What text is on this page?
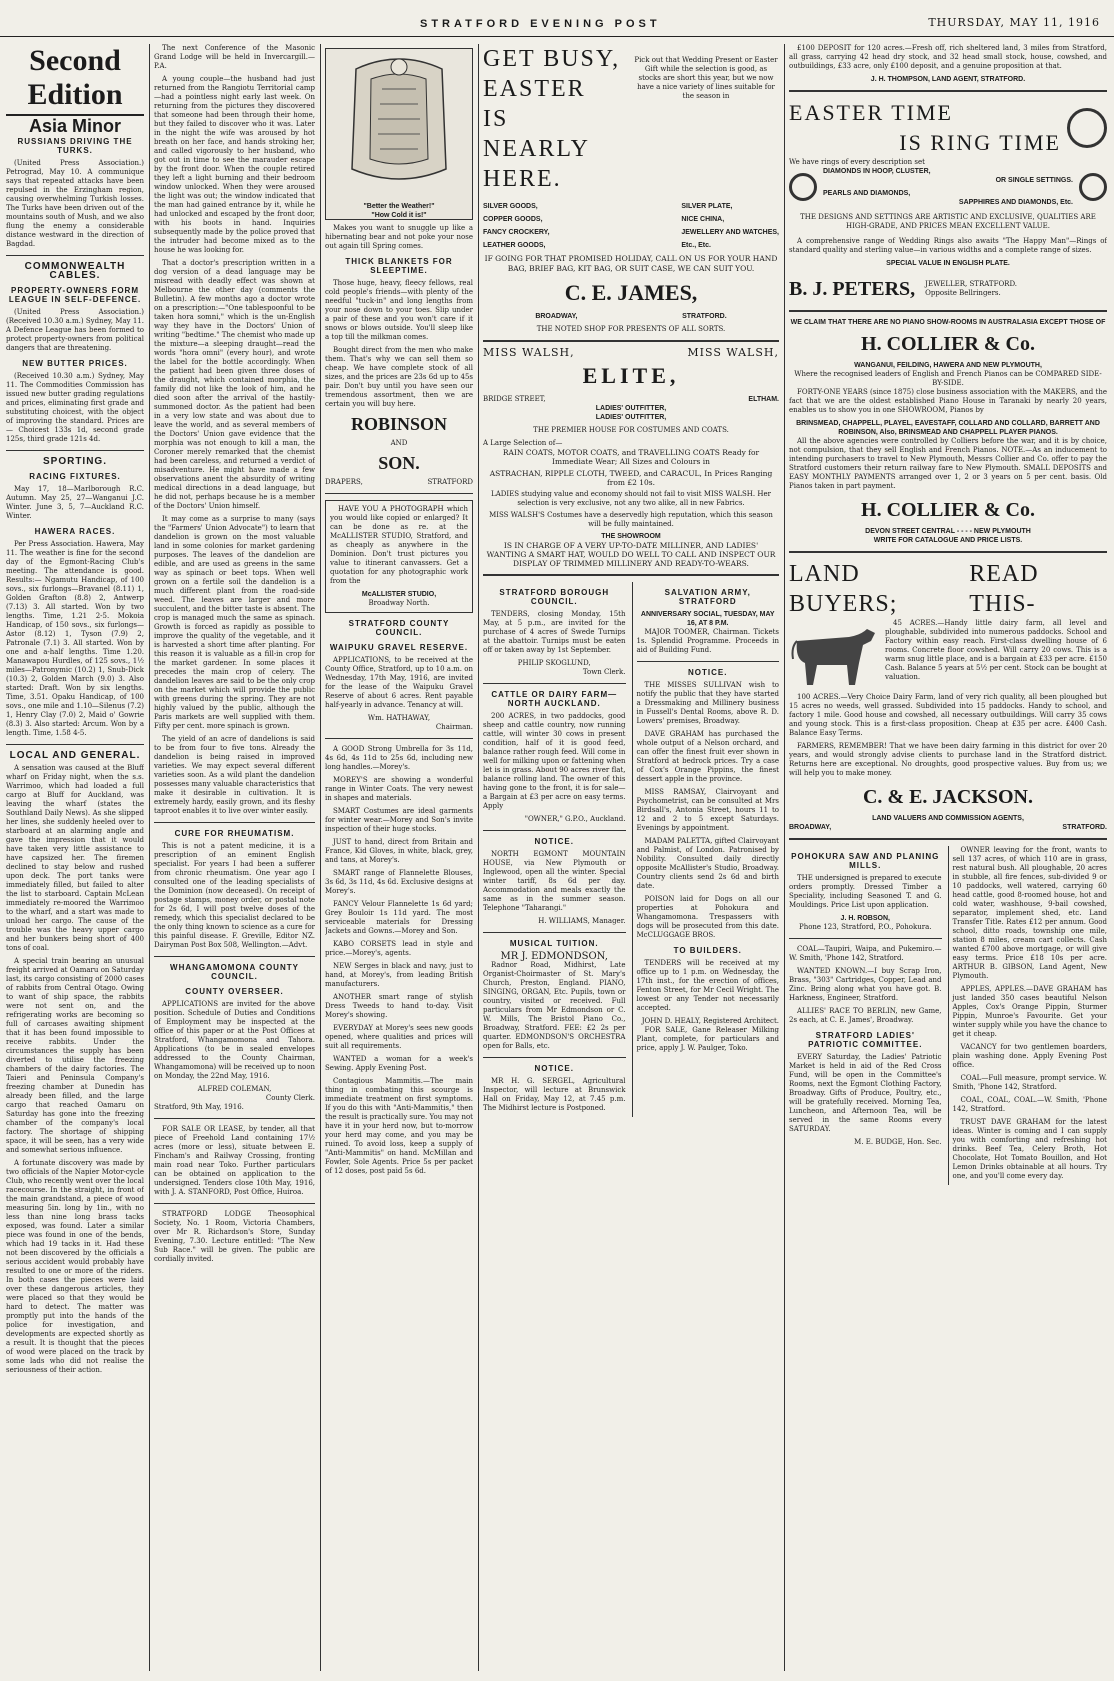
STRATFORD EVENING POST	THURSDAY, MAY 11, 1916
Second Edition
Asia Minor
RUSSIANS DRIVING THE TURKS.

(United Press Association.) Petrograd, May 10. A communique says that repeated attacks have been repulsed in the Erzingham region, causing overwhelming Turkish losses. The Turks have been driven out of the mountains south of Mush, and we also flung the enemy a considerable distance westward in the direction of Bagdad.

COMMONWEALTH CABLES.
PROPERTY-OWNERS FORM LEAGUE IN SELF-DEFENCE.

(United Press Association.) (Received 10.30 a.m.) Sydney, May 11. A Defence League has been formed to protect property-owners from political dangers that are threatening.

NEW BUTTER PRICES.

(Received 10.30 a.m.) Sydney, May 11. The Commodities Commission has issued new butter grading regulations and prices, eliminating first grade and substituting choicest, with the object of improving the standard. Prices are — Choicest 133s 1d, second grade 125s, third grade 121s 4d.

SPORTING.
RACING FIXTURES.

May 17, 18—Marlborough R.C. Autumn. May 25, 27—Wanganui J.C. Winter. June 3, 5, 7—Auckland R.C. Winter.

HAWERA RACES.

Per Press Association. Hawera, May 11. The weather is fine for the second day of the Egmont-Racing Club's meeting. The attendance is good. Results:— Ngamutu Handicap, of 100 sovs., six furlongs—Bravanel (8.11) 1, Golden Grafton (8.8) 2, Antwerp (7.13) 3. All started. Won by two lengths. Time, 1.21 2-5. Mokoia Handicap, of 150 sovs., six furlongs—Astor (8.12) 1, Tyson (7.9) 2, Patronale (7.1) 3. All started. Won by one and a-half lengths. Time 1.20. Manawapou Hurdles, of 125 sovs., 1½ miles—Patronymic (10.2) 1, Snub-Dick (10.3) 2, Golden March (9.0) 3. Also started: Draft. Won by six lengths. Time, 3.51. Opaku Handicap, of 100 sovs., one mile and 1.10—Silenus (7.2) 1, Henry Clay (7.0) 2, Maid o' Gowrie (8.3) 3. Also started: Arcum. Won by a length. Time, 1.58 4-5.

LOCAL AND GENERAL.

A sensation was caused at the Bluff wharf on Friday night, when the s.s. Warrimoo, which had loaded a full cargo at Bluff for Auckland, was leaving the wharf (states the Southland Daily News). As she slipped her lines, she suddenly heeled over to starboard at an alarming angle and gave the impression that it would have taken very little assistance to have capsized her. The firemen declined to stay below and rushed upon deck. The port tanks were immediately filled, but failed to alter the list to starboard. Captain McLean immediately re-moored the Warrimoo to the wharf, and a start was made to unload her cargo. The cause of the trouble was the heavy upper cargo and her bunkers being short of 400 tons of coal.

A special train bearing an unusual freight arrived at Oamaru on Saturday last, its cargo consisting of 2000 cases of rabbits from Central Otago. Owing to want of ship space, the rabbits were not sent on, and the refrigerating works are becoming so full of carcases awaiting shipment that it has been found impossible to receive rabbits. Under the circumstances the supply has been diverted to utilise the freezing chambers of the dairy factories. The Taieri and Peninsula Company's freezing chamber at Dunedin has already been filled, and the large cargo that reached Oamaru on Saturday has gone into the freezing chamber of the company's local factory. The shortage of shipping space, it will be seen, has a very wide and somewhat serious influence.

A fortunate discovery was made by two officials of the Napier Motor-cycle Club, who recently went over the local racecourse. In the straight, in front of the main grandstand, a piece of wood measuring 5in. long by 1in., with no less than nine long brass tacks exposed, was found. Later a similar piece was found in one of the bends, which had 19 tacks in it. Had these not been discovered by the officials a serious accident would probably have resulted to one or more of the riders. In both cases the pieces were laid over these dangerous articles, they were placed so that they would be hard to detect. The matter was promptly put into the hands of the police for investigation, and developments are expected shortly as a result. It is thought that the pieces of wood were placed on the track by some lads who did not realise the seriousness of their action.

The next Conference of the Masonic Grand Lodge will be held in Invercargill.—P.A.

A young couple—the husband had just returned from the Rangiotu Territorial camp—had a pointless night early last week. On returning from the pictures they discovered that someone had been through their home, but they failed to discover who it was. Later in the night the wife was aroused by hot breath on her face, and hands stroking her, and called vigorously to her husband, who got out in time to see the marauder escape by the front door. When the couple retired they left a light burning and their bedroom window unlocked. When they were aroused the light was out; the window indicated that the man had gained entrance by it, while he had unlocked and escaped by the front door, with his boots in hand. Inquiries subsequently made by the police proved that the intruder had become mixed as to the house he was looking for.

That a doctor's prescription written in a dog version of a dead language may be misread with deadly effect was shown at Melbourne the other day (comments the Bulletin). A few months ago a doctor wrote on a prescription:—"One tablespoonful to be taken hora somni," which is the un-English way they have in the Doctors' Union of writing "bedtime." The chemist who made up the mixture—a sleeping draught—read the words "hora omni" (every hour), and wrote the label for the bottle accordingly. When the patient had been given three doses of the draught, which contained morphia, the family did not like the look of him, and he died soon after the arrival of the hastily-summoned doctor. As the patient had been in a very low state and was about due to leave the world, and as several members of the Doctors' Union gave evidence that the morphia was not enough to kill a man, the Coroner merely remarked that the chemist had been careless, and returned a verdict of misadventure. He might have made a few observations anent the absurdity of writing medical directions in a dead language, but he did not, perhaps because he is a member of the Doctors' Union himself.

It may come as a surprise to many (says the "Farmers' Union Advocate") to learn that dandelion is grown on the most valuable land in some colonies for market gardening purposes. The leaves of the dandelion are edible, and are used as greens in the same way as spinach or beet tops. When well grown on a fertile soil the dandelion is a much different plant from the road-side weed. The leaves are larger and more succulent, and the bitter taste is absent. The crop is managed much the same as spinach. Growth is forced as rapidly as possible to improve the quality of the vegetable, and it is harvested a short time after planting. For this reason it is valuable as a fill-in crop for the market gardener. In some places it precedes the main crop of celery. The dandelion leaves are said to be the only crop on the market which will provide the public with greens during the spring. They are not highly valued by the public, although the Paris markets are well supplied with them. Fifty per cent. more spinach is grown.

The yield of an acre of dandelions is said to be from four to five tons. Already the dandelion is being raised in improved varieties. We may expect several different varieties soon. As a wild plant the dandelion possesses many valuable characteristics that make it desirable in cultivation. It is extremely hardy, easily grown, and its fleshy taproot enables it to live over winter easily.

CURE FOR RHEUMATISM.

This is not a patent medicine, it is a prescription of an eminent English specialist. For years I had been a sufferer from chronic rheumatism. One year ago I consulted one of the leading specialists of the Dominion (now deceased). On receipt of postage stamps, money order, or postal note for 2s 6d, I will post twelve doses of the remedy, which this specialist declared to be the only thing known to science as a cure for this painful disease. F. Greville, Editor NZ. Dairyman Post Box 508, Wellington.—Advt.

WHANGAMOMONA COUNTY COUNCIL.
COUNTY OVERSEER.

APPLICATIONS are invited for the above position. Schedule of Duties and Conditions of Employment may be inspected at the office of this paper or at the Post Offices at Stratford, Whangamomona and Tahora. Applications (to be in sealed envelopes addressed to the County Chairman, Whangamomona) will be received up to noon on Monday, the 22nd May, 1916.

ALFRED COLEMAN,
County Clerk.
Stratford, 9th May, 1916.

FOR SALE OR LEASE, by tender, all that piece of Freehold Land containing 17½ acres (more or less), situate between E. Fincham's and Railway Crossing, fronting main road near Toko. Further particulars can be obtained on application to the undersigned. Tenders close 10th May, 1916, with J. A. STANFORD, Post Office, Huiroa.

STRATFORD LODGE Theosophical Society, No. 1 Room, Victoria Chambers, over Mr R. Richardson's Store, Sunday Evening, 7.30. Lecture entitled: "The New Sub Race." will be given. The public are cordially invited.

"Better the Weather!"
"How Cold it is!"

Makes you want to snuggle up like a hibernating bear and not poke your nose out again till Spring comes.

THICK BLANKETS FOR SLEEPTIME.

Those huge, heavy, fleecy fellows, real cold people's friends—with plenty of the needful "tuck-in" and long lengths from your nose down to your toes. Slip under a pair of these and you won't care if it snows or blows outside. You'll sleep like a top till the milkman comes.

Bought direct from the men who make them. That's why we can sell them so cheap. We have complete stock of all sizes, and the prices are 23s 6d up to 45s pair. Don't buy until you have seen our tremendous assortment, then we are certain you will buy here.

ROBINSON
AND
SON.
DRAPERS,	STRATFORD

HAVE YOU A PHOTOGRAPH which you would like copied or enlarged? It can be done as re. at the McALLISTER STUDIO, Stratford, and as cheaply as anywhere in the Dominion. Don't trust pictures you value to itinerant canvassers. Get a quotation for any photographic work from the

McALLISTER STUDIO,
Broadway North.
STRATFORD COUNTY COUNCIL.
WAIPUKU GRAVEL RESERVE.

APPLICATIONS, to be received at the County Office, Stratford, up to 10 a.m. on Wednesday, 17th May, 1916, are invited for the lease of the Waipuku Gravel Reserve of about 6 acres. Rent payable half-yearly in advance. Tenancy at will.

Wm. HATHAWAY,
Chairman.

A GOOD Strong Umbrella for 3s 11d, 4s 6d, 4s 11d to 25s 6d, including new long handles.—Morey's.

MOREY'S are showing a wonderful range in Winter Coats. The very newest in shapes and materials.

SMART Costumes are ideal garments for winter wear.—Morey and Son's invite inspection of their huge stocks.

JUST to hand, direct from Britain and France, Kid Gloves, in white, black, grey, and tans, at Morey's.

SMART range of Flannelette Blouses, 3s 6d, 3s 11d, 4s 6d. Exclusive designs at Morey's.

FANCY Velour Flannelette 1s 6d yard; Grey Bouloir 1s 11d yard. The most serviceable materials for Dressing Jackets and Gowns.—Morey and Son.

KABO CORSETS lead in style and price.—Morey's, agents.

NEW Serges in black and navy, just to hand, at Morey's, from leading British manufacturers.

ANOTHER smart range of stylish Dress Tweeds to hand to-day. Visit Morey's showing.

EVERYDAY at Morey's sees new goods opened, where qualities and prices will suit all requirements.

WANTED a woman for a week's Sewing. Apply Evening Post.

Contagious Mammitis.—The main thing in combating this scourge is immediate treatment on first symptoms. If you do this with "Anti-Mammitis," then the result is practically sure. You may not have it in your herd now, but to-morrow your herd may come, and you may be ruined. To avoid loss, keep a supply of "Anti-Mammitis" on hand. McMillan and Fowler, Sole Agents. Price 5s per packet of 12 doses, post paid 5s 6d.

GET BUSY,
EASTER
IS
NEARLY
HERE.
Pick out that Wedding Present or Easter Gift while the selection is good, as stocks are short this year, but we now have a nice variety of lines suitable for the season in
SILVER GOODS,
COPPER GOODS,
FANCY CROCKERY,
LEATHER GOODS,
SILVER PLATE,
NICE CHINA,
JEWELLERY AND WATCHES,
Etc., Etc.

IF GOING FOR THAT PROMISED HOLIDAY, CALL ON US FOR YOUR HAND BAG, BRIEF BAG, KIT BAG, OR SUIT CASE, WE CAN SUIT YOU.

C. E. JAMES,
BROADWAY,	STRATFORD.
THE NOTED SHOP FOR PRESENTS OF ALL SORTS.
MISS WALSH,	MISS WALSH,
ELITE,
BRIDGE STREET,	ELTHAM.
LADIES' OUTFITTER,
LADIES' OUTFITTER,
THE PREMIER HOUSE FOR COSTUMES AND COATS.
A Large Selection of—
RAIN COATS, MOTOR COATS, and TRAVELLING COATS Ready for Immediate Wear; All Sizes and Colours in
ASTRACHAN, RIPPLE CLOTH, TWEED, and CARACUL, In Prices Ranging from £2 10s.
LADIES studying value and economy should not fail to visit MISS WALSH. Her selection is very exclusive, not any two alike, all in new Fabrics.
MISS WALSH'S Costumes have a deservedly high reputation, which this season will be fully maintained.
THE SHOWROOM
IS IN CHARGE OF A VERY UP-TO-DATE MILLINER, AND LADIES' WANTING A SMART HAT, WOULD DO WELL TO CALL AND INSPECT OUR DISPLAY OF TRIMMED MILLINERY AND READY-TO-WEARS.
STRATFORD BOROUGH COUNCIL.

TENDERS, closing Monday, 15th May, at 5 p.m., are invited for the purchase of 4 acres of Swede Turnips at the abattoir. Turnips must be eaten off or taken away by 1st September.

PHILIP SKOGLUND,
Town Clerk.
CATTLE OR DAIRY FARM—NORTH AUCKLAND.

200 ACRES, in two paddocks, good sheep and cattle country, now running cattle, will winter 30 cows in present condition, half of it is good feed, balance rather rough feed. Will come in well for milking upon or fattening when let is in grass. About 90 acres river flat, balance rolling land. The owner of this having gone to the front, it is for sale—a Bargain at £3 per acre on easy terms. Apply

"OWNER," G.P.O., Auckland.
NOTICE.

NORTH EGMONT MOUNTAIN HOUSE, via New Plymouth or Inglewood, open all the winter. Special winter tariff, 8s 6d per day. Accommodation and meals exactly the same as in the summer season. Telephone "Taharangi."

H. WILLIAMS, Manager.
MUSICAL TUITION.
MR J. EDMONDSON,

Radnor Road, Midhirst, Late Organist-Choirmaster of St. Mary's Church, Preston, England. PIANO, SINGING, ORGAN, Etc. Pupils, town or country, visited or received. Full particulars from Mr Edmondson or C. W. Mills, The Bristol Piano Co., Broadway, Stratford. FEE: £2 2s per quarter. EDMONDSON'S ORCHESTRA open for Balls, etc.

NOTICE.

MR H. G. SERGEL, Agricultural Inspector, will lecture at Brunswick Hall on Friday, May 12, at 7.45 p.m. The Midhirst lecture is Postponed.

SALVATION ARMY, STRATFORD
ANNIVERSARY SOCIAL, TUESDAY, MAY 16, AT 8 P.M.

MAJOR TOOMER, Chairman. Tickets 1s. Splendid Programme. Proceeds in aid of Building Fund.

NOTICE.

THE MISSES SULLIVAN wish to notify the public that they have started a Dressmaking and Millinery business in Fussell's Dental Rooms, above R. D. Lowers' premises, Broadway.

DAVE GRAHAM has purchased the whole output of a Nelson orchard, and can offer the finest fruit ever shown in Stratford at bedrock prices. Try a case of Cox's Orange Pippins, the finest dessert apple in the province.

MISS RAMSAY, Clairvoyant and Psychometrist, can be consulted at Mrs Birdsall's, Antonia Street, hours 11 to 12 and 2 to 5 except Saturdays. Evenings by appointment.

MADAM PALETTA, gifted Clairvoyant and Palmist, of London. Patronised by Nobility. Consulted daily directly opposite McAllister's Studio, Broadway. Country clients send 2s 6d and birth date.

POISON laid for Dogs on all our properties at Pohokura and Whangamomona. Trespassers with dogs will be prosecuted from this date. McCLUGGAGE BROS.

TO BUILDERS.

TENDERS will be received at my office up to 1 p.m. on Wednesday, the 17th inst., for the erection of offices, Fenton Street, for Mr Cecil Wright. The lowest or any Tender not necessarily accepted.

JOHN D. HEALY, Registered Architect.

FOR SALE, Gane Releaser Milking Plant, complete, for particulars and price, apply J. W. Paulger, Toko.

£100 DEPOSIT for 120 acres.—Fresh off, rich sheltered land, 3 miles from Stratford, all grass, carrying 42 head dry stock, and 32 head small stock, house, cowshed, and outbuildings, £33 acre, only £100 deposit, and a genuine proposition at that.

J. H. THOMPSON, LAND AGENT, STRATFORD.
EASTER TIME
IS RING TIME
We have rings of every description set
DIAMONDS IN HOOP, CLUSTER,
OR SINGLE SETTINGS.
PEARLS AND DIAMONDS,
SAPPHIRES AND DIAMONDS, Etc.
THE DESIGNS AND SETTINGS ARE ARTISTIC AND EXCLUSIVE, QUALITIES ARE HIGH-GRADE, AND PRICES MEAN EXCELLENT VALUE.

A comprehensive range of Wedding Rings also awaits "The Happy Man"—Rings of standard quality and sterling value—in various widths and a complete range of sizes.

SPECIAL VALUE IN ENGLISH PLATE.
B. J. PETERS, JEWELLER, STRATFORD.
Opposite Bellringers.
WE CLAIM THAT THERE ARE NO PIANO SHOW-ROOMS IN AUSTRALASIA EXCEPT THOSE OF
H. COLLIER & Co.
WANGANUI, FEILDING, HAWERA AND NEW PLYMOUTH,
Where the recognised leaders of English and French Pianos can be COMPARED SIDE-BY-SIDE.

FORTY-ONE YEARS (since 1875) close business association with the MAKERS, and the fact that we are the oldest established Piano House in Taranaki by nearly 20 years, enables us to show you in one SHOWROOM, Pianos by

BRINSMEAD, CHAPPELL, PLAYEL, EAVESTAFF, COLLARD AND COLLARD, BARRETT AND ROBINSON, Also, BRINSMEAD AND CHAPPELL PLAYER PIANOS.

All the above agencies were controlled by Colliers before the war, and it is by choice, not compulsion, that they sell English and French Pianos. NOTE.—As an inducement to intending purchasers to travel to New Plymouth, Messrs Collier and Co. offer to pay the Stratford customers their return railway fare to New Plymouth. SMALL DEPOSITS and EASY MONTHLY PAYMENTS arranged over 1, 2 or 3 years on 5 per cent. basis. Old Pianos taken in part payment.

H. COLLIER & Co.
DEVON STREET CENTRAL - - - - NEW PLYMOUTH
WRITE FOR CATALOGUE AND PRICE LISTS.
LAND BUYERS;
READ THIS-

45 ACRES.—Handy little dairy farm, all level and ploughable, subdivided into numerous paddocks. School and Factory within easy reach. First-class dwelling house of 6 rooms. Concrete floor cowshed. Will carry 20 cows. This is a warm snug little place, and is a bargain at £33 per acre. £150 Cash. Balance 5 years at 5½ per cent. Stock can be bought at valuation.

100 ACRES.—Very Choice Dairy Farm, land of very rich quality, all been ploughed but 15 acres no weeds, well grassed. Subdivided into 15 paddocks. Handy to school, and factory 1 mile. Good house and cowshed, all necessary outbuildings. Will carry 35 cows and young stock. This is a first-class proposition. Cheap at £35 per acre. £400 Cash. Balance Easy Terms.

FARMERS, REMEMBER! That we have been dairy farming in this district for over 20 years, and would strongly advise clients to purchase land in the Stratford district. Returns here are exceptional. No droughts, good prospective values. Buy from us; we will help you to make money.

C. & E. JACKSON.
LAND VALUERS AND COMMISSION AGENTS,
BROADWAY,	STRATFORD.
POHOKURA SAW AND PLANING MILLS.

THE undersigned is prepared to execute orders promptly. Dressed Timber a Speciality, including Seasoned T. and G. Mouldings. Price List upon application.

J. H. ROBSON,
Phone 123, Stratford, P.O., Pohokura.

COAL—Taupiri, Waipa, and Pukemiro.—W. Smith, 'Phone 142, Stratford.

WANTED KNOWN.—I buy Scrap Iron, Brass, "303" Cartridges, Copper, Lead and Zinc. Bring along what you have got. B. Harkness, Engineer, Stratford.

ALLIES' RACE TO BERLIN, new Game, 2s each, at C. E. James', Broadway.

STRATFORD LADIES' PATRIOTIC COMMITTEE.

EVERY Saturday, the Ladies' Patriotic Market is held in aid of the Red Cross Fund, will be open in the Committee's Rooms, next the Egmont Clothing Factory, Broadway. Gifts of Produce, Poultry, etc., will be gratefully received. Morning Tea, Luncheon, and Afternoon Tea, will be served in the same Rooms every SATURDAY.

M. E. BUDGE, Hon. Sec.

OWNER leaving for the front, wants to sell 137 acres, of which 110 are in grass, rest natural bush. All ploughable, 20 acres in stubble, all fire fences, sub-divided 9 or 10 paddocks, well watered, carrying 60 head cattle, good 8-roomed house, hot and cold water, washhouse, 9-bail cowshed, separator, implement shed, etc. Land Transfer Title. Rates £12 per annum. Good school, ditto roads, township one mile, station 8 miles, cream cart collects. Cash wanted £700 above mortgage, or will give easy terms. Price £18 10s per acre. ARTHUR B. GIBSON, Land Agent, New Plymouth.

APPLES, APPLES.—DAVE GRAHAM has just landed 350 cases beautiful Nelson Apples, Cox's Orange Pippin, Sturmer Pippin, Munroe's Favourite. Get your winter supply while you have the chance to get it cheap.

VACANCY for two gentlemen boarders, plain washing done. Apply Evening Post office.

COAL—Full measure, prompt service. W. Smith, 'Phone 142, Stratford.

COAL, COAL, COAL.—W. Smith, 'Phone 142, Stratford.

TRUST DAVE GRAHAM for the latest ideas. Winter is coming and I can supply you with comforting and refreshing hot drinks. Beef Tea, Celery Broth, Hot Chocolate, Hot Tomato Bouillon, and Hot Lemon Drinks obtainable at all hours. Try one, and you'll come every day.
